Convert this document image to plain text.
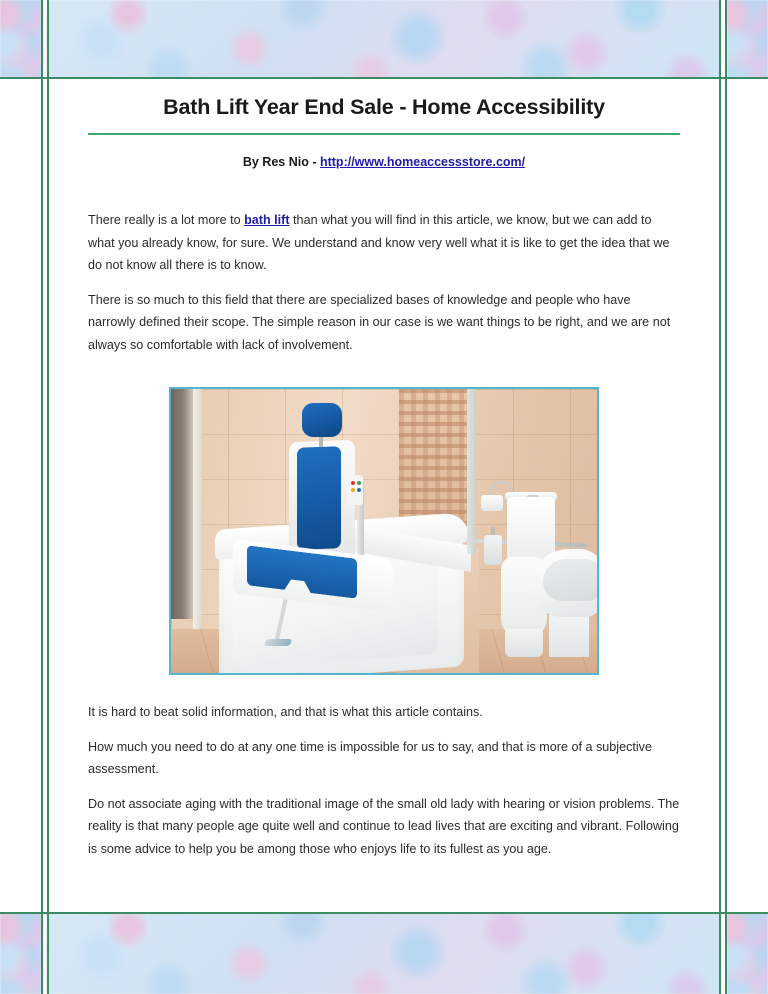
Bath Lift Year End Sale - Home Accessibility

By Res Nio - http://www.homeaccessstore.com/

There really is a lot more to bath lift than what you will find in this article, we know, but we can add to what you already know, for sure. We understand and know very well what it is like to get the idea that we do not know all there is to know.

There is so much to this field that there are specialized bases of knowledge and people who have narrowly defined their scope. The simple reason in our case is we want things to be right, and we are not always so comfortable with lack of involvement.

It is hard to beat solid information, and that is what this article contains.

How much you need to do at any one time is impossible for us to say, and that is more of a subjective assessment.

Do not associate aging with the traditional image of the small old lady with hearing or vision problems. The reality is that many people age quite well and continue to lead lives that are exciting and vibrant. Following is some advice to help you be among those who enjoys life to its fullest as you age.
